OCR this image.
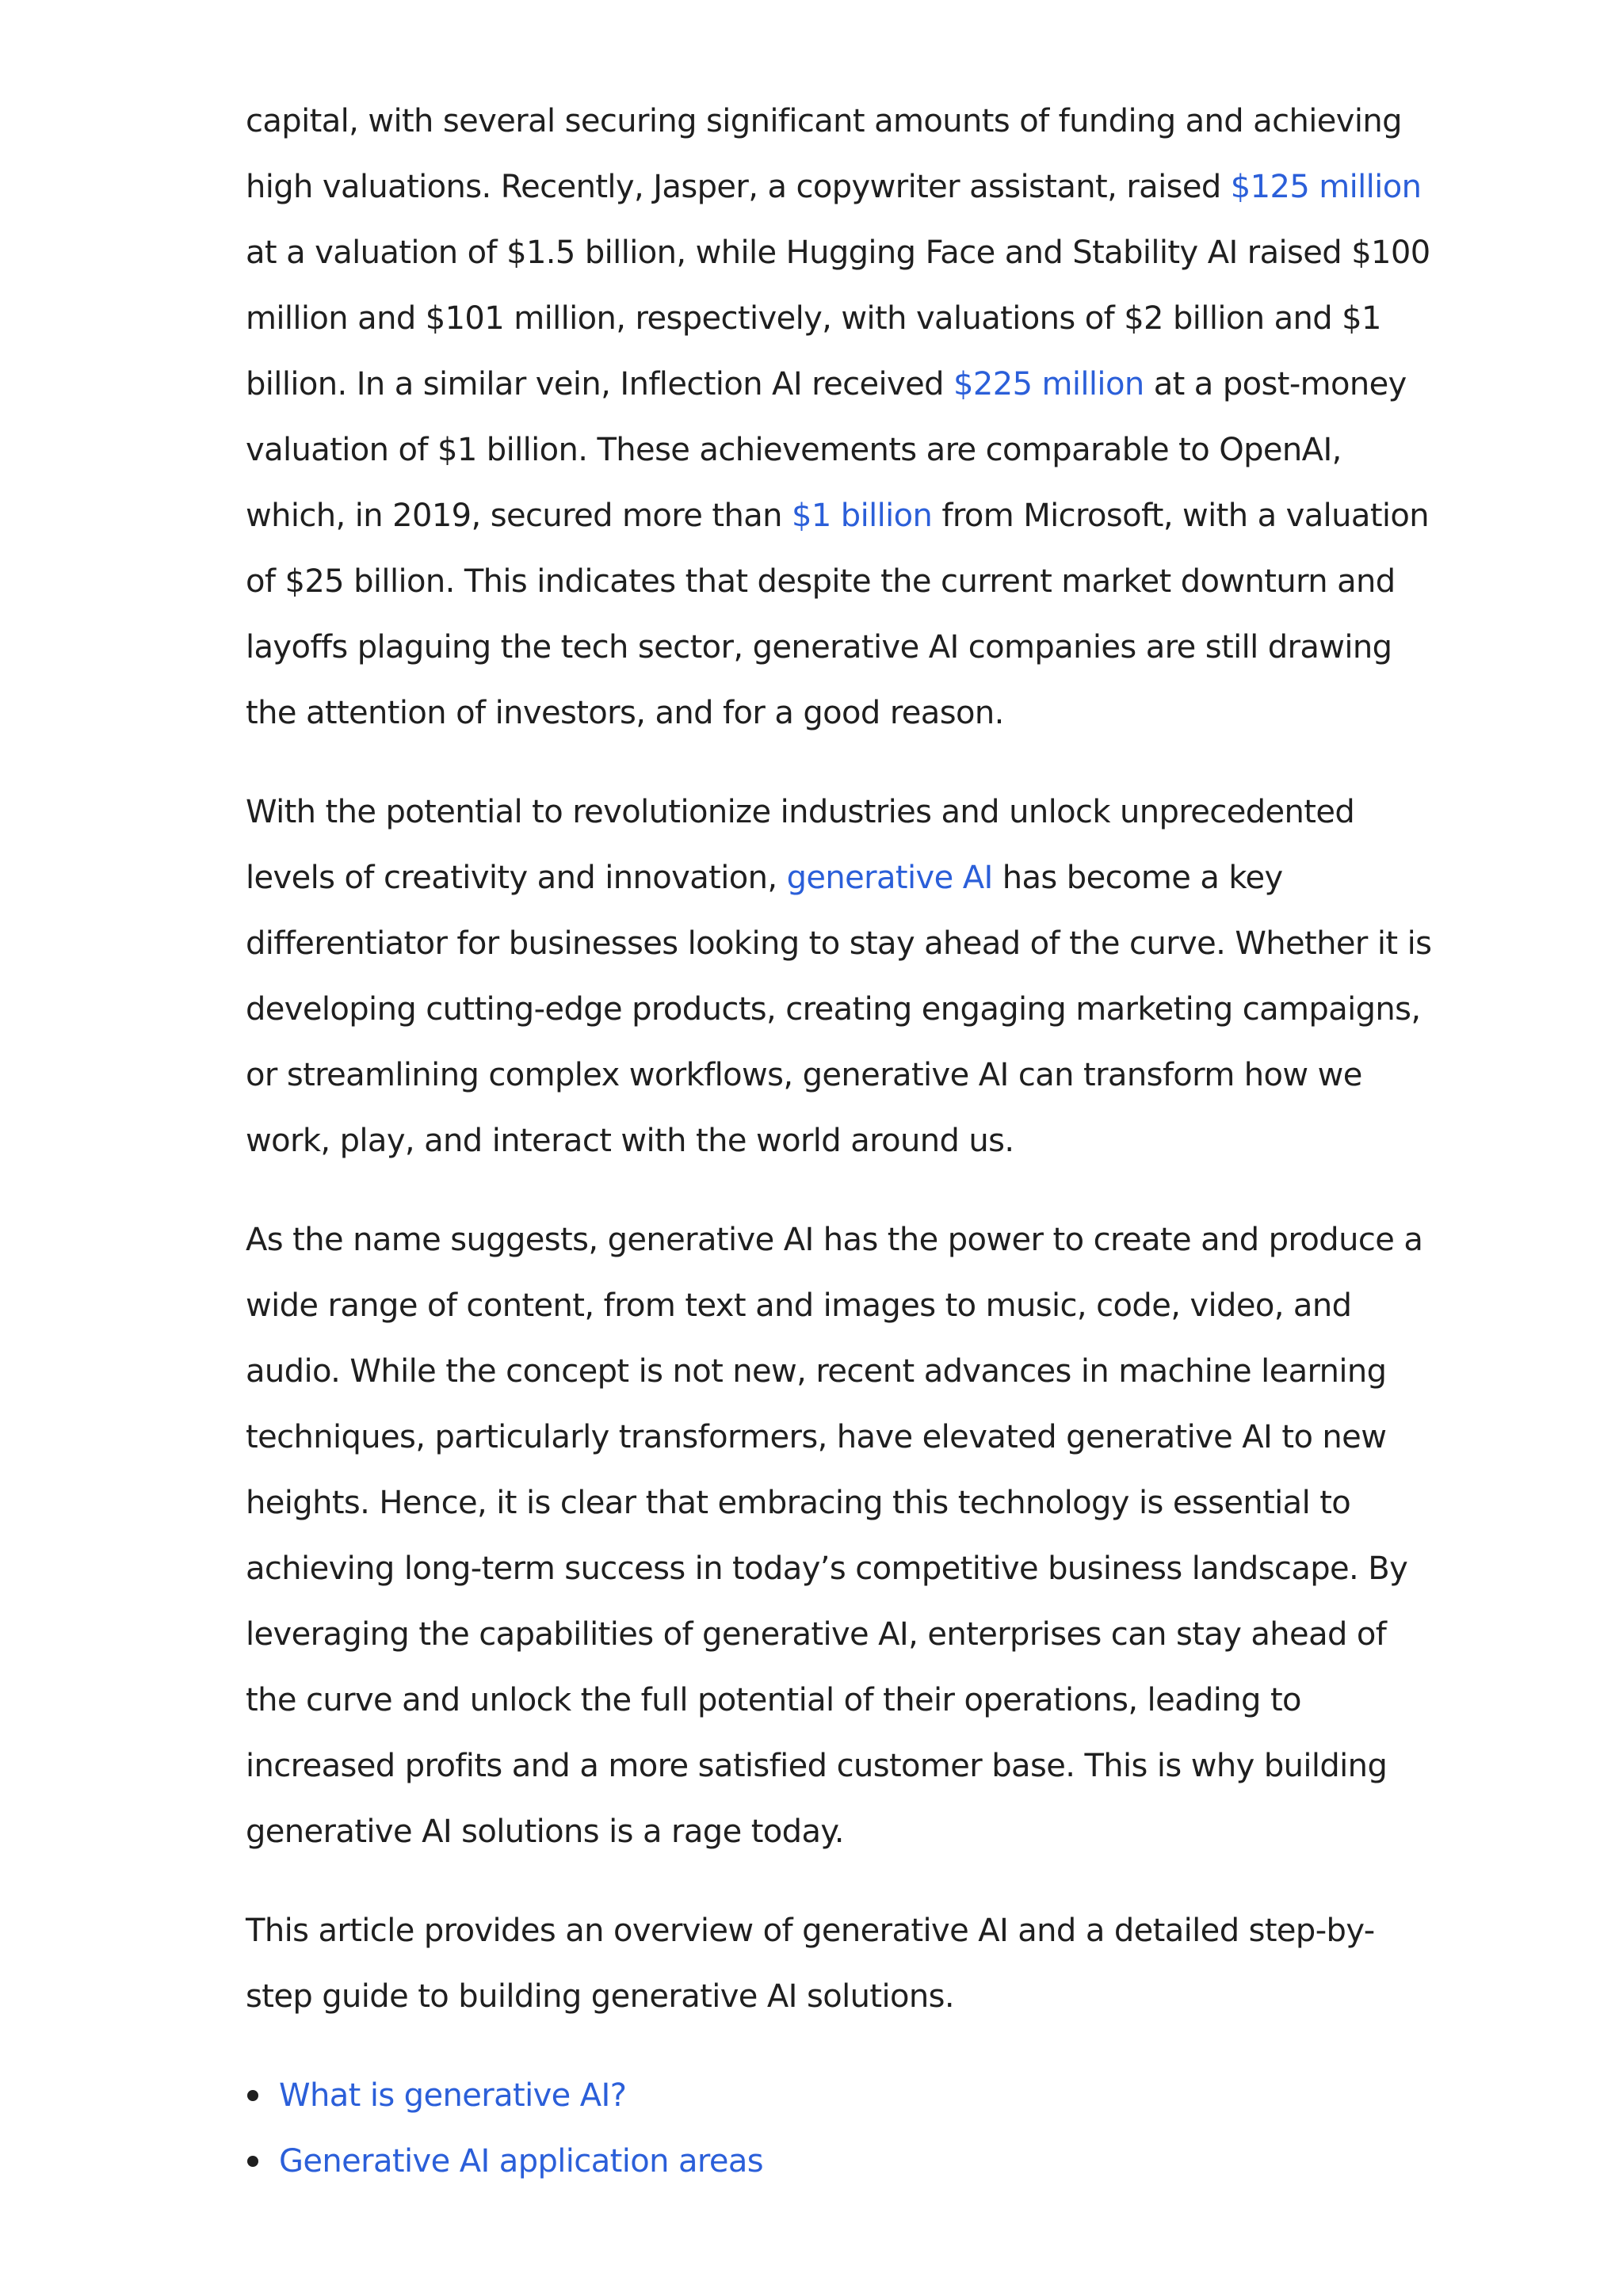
capital, with several securing significant amounts of funding and achieving high valuations. Recently, Jasper, a copywriter assistant, raised $125 million at a valuation of $1.5 billion, while Hugging Face and Stability AI raised $100 million and $101 million, respectively, with valuations of $2 billion and $1 billion. In a similar vein, Inflection AI received $225 million at a post-money valuation of $1 billion. These achievements are comparable to OpenAI, which, in 2019, secured more than $1 billion from Microsoft, with a valuation of $25 billion. This indicates that despite the current market downturn and layoffs plaguing the tech sector, generative AI companies are still drawing the attention of investors, and for a good reason.

With the potential to revolutionize industries and unlock unprecedented levels of creativity and innovation, generative AI has become a key differentiator for businesses looking to stay ahead of the curve. Whether it is developing cutting-edge products, creating engaging marketing campaigns, or streamlining complex workflows, generative AI can transform how we work, play, and interact with the world around us.

As the name suggests, generative AI has the power to create and produce a wide range of content, from text and images to music, code, video, and audio. While the concept is not new, recent advances in machine learning techniques, particularly transformers, have elevated generative AI to new heights. Hence, it is clear that embracing this technology is essential to achieving long-term success in today’s competitive business landscape. By leveraging the capabilities of generative AI, enterprises can stay ahead of the curve and unlock the full potential of their operations, leading to increased profits and a more satisfied customer base. This is why building generative AI solutions is a rage today.

This article provides an overview of generative AI and a detailed step-by-step guide to building generative AI solutions.

What is generative AI?
Generative AI application areas
